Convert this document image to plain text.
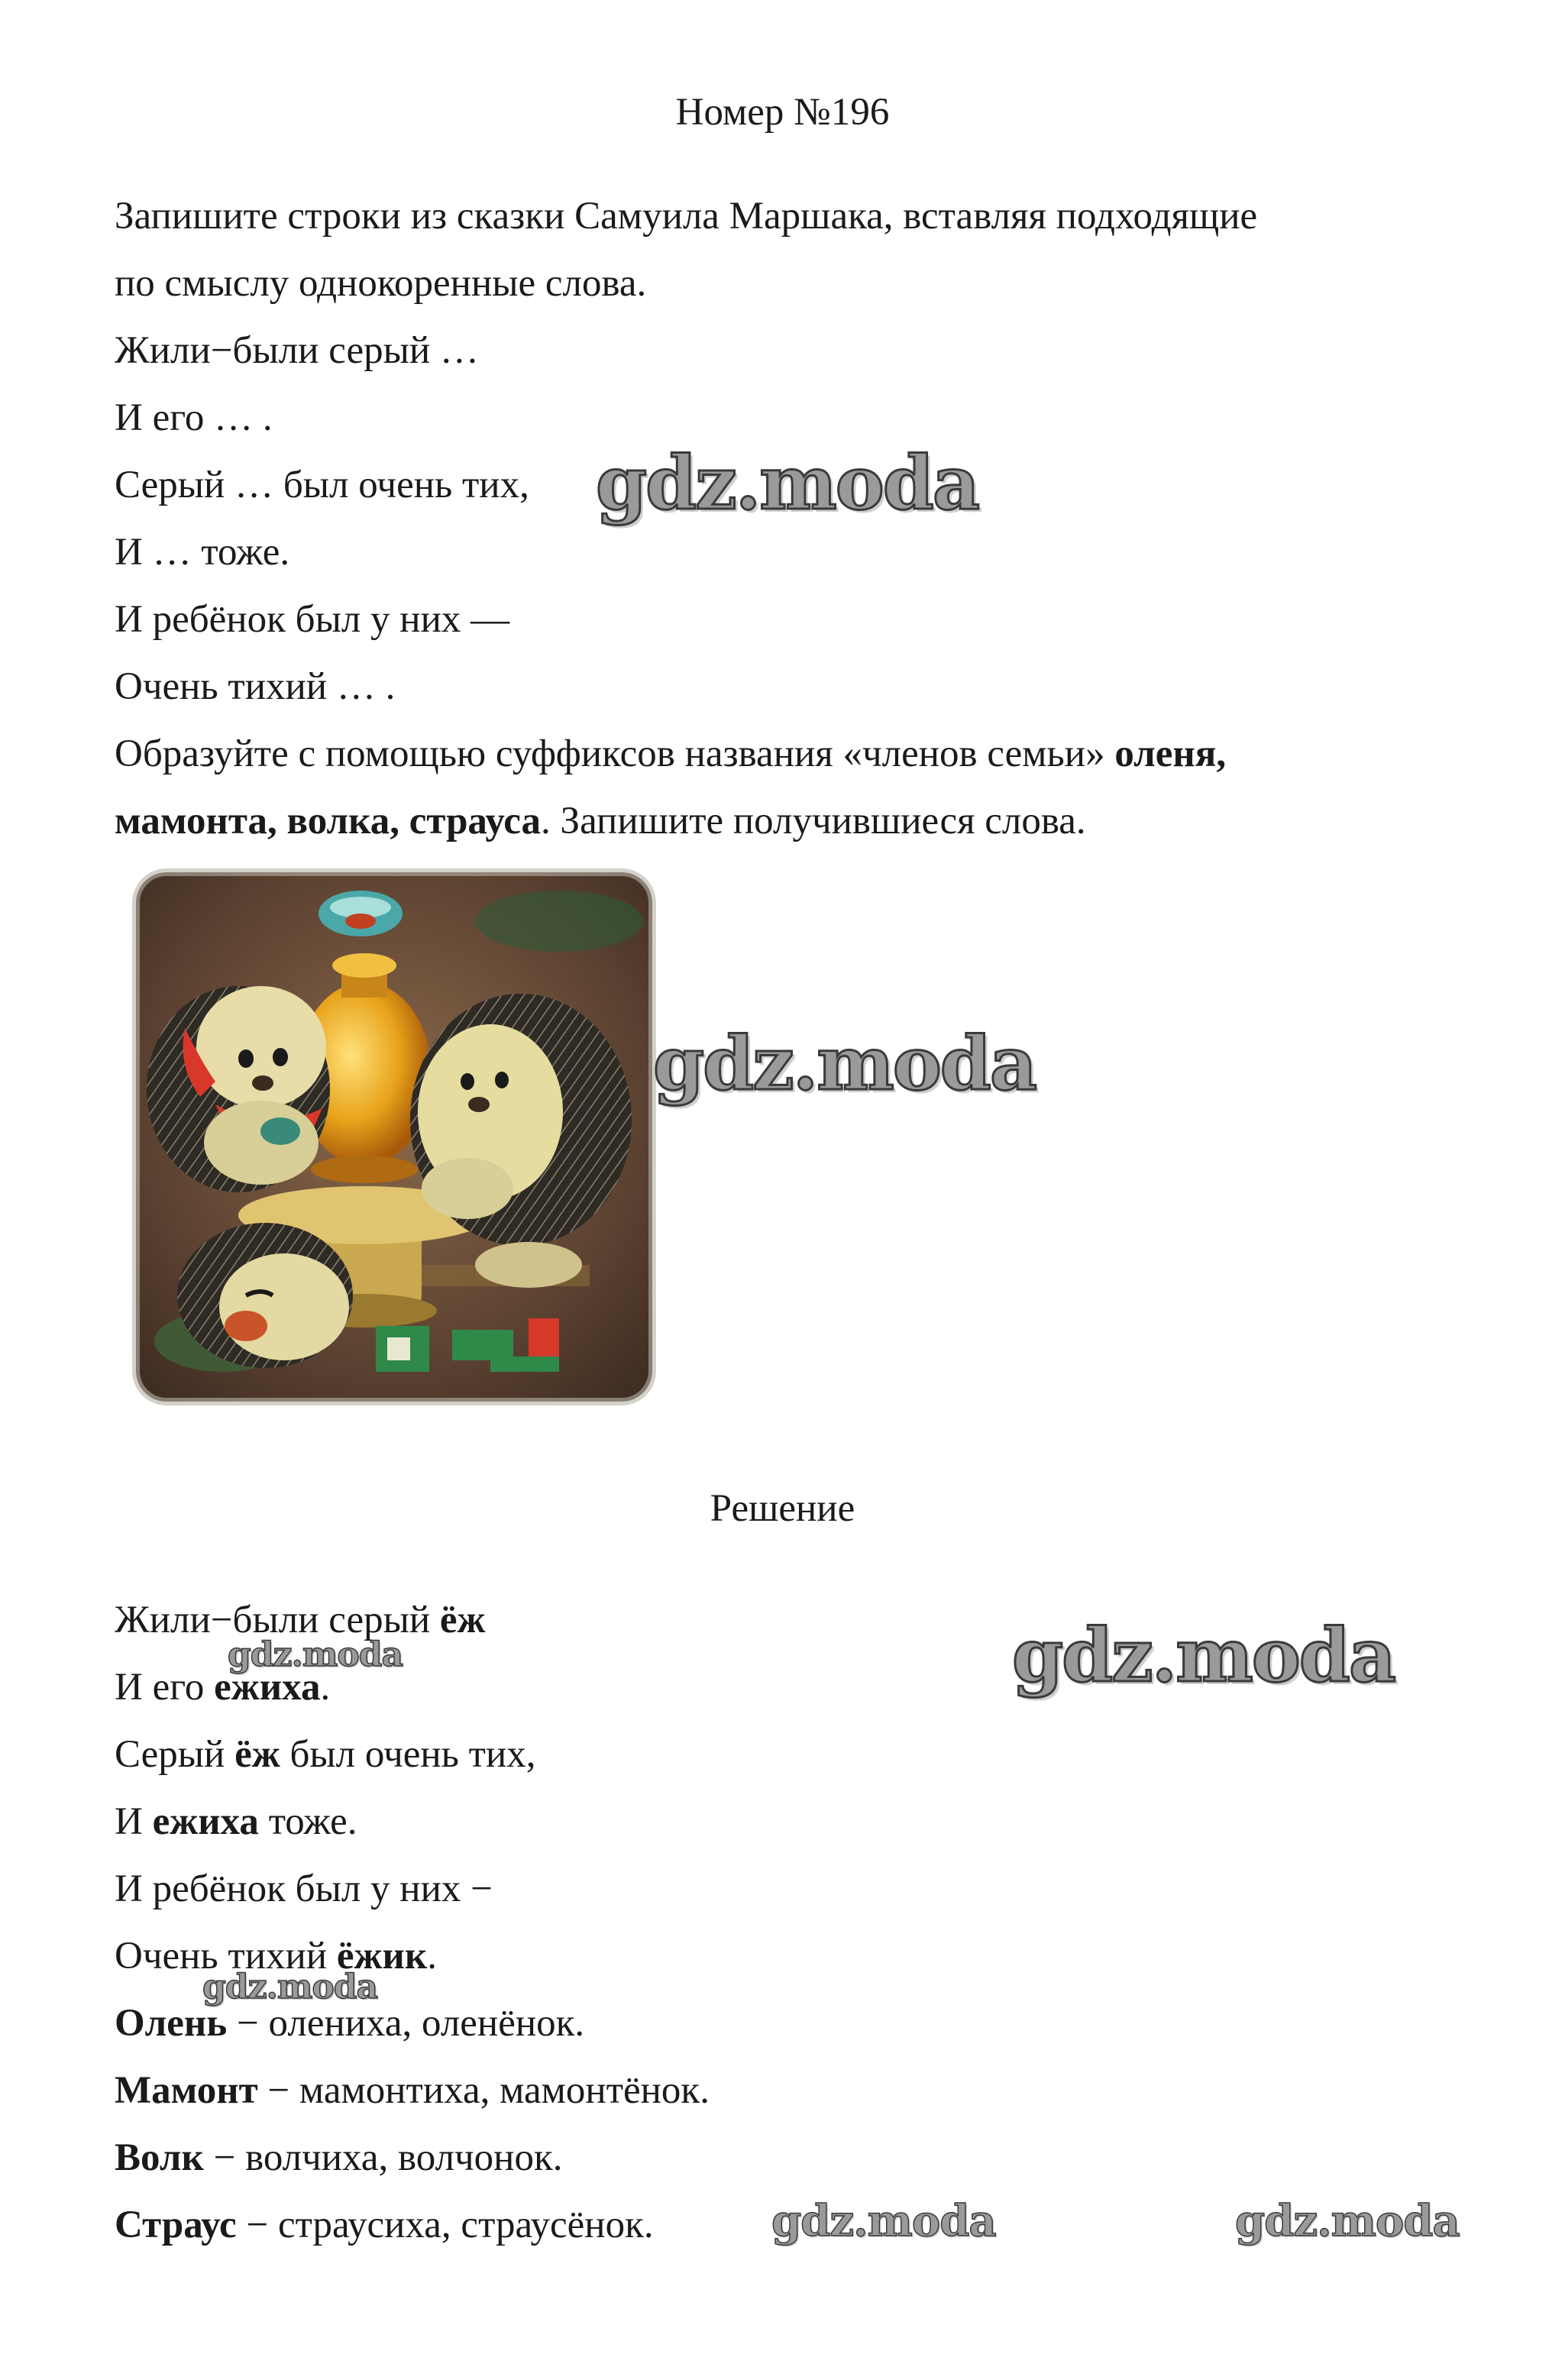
Номер №196
Запишите строки из сказки Самуила Маршака, вставляя подходящие
по смыслу однокоренные слова.
Жили−были серый …
И его … .
Серый … был очень тих,
И … тоже.
И ребёнок был у них —
Очень тихий … .
Образуйте с помощью суффиксов названия «членов семьи» оленя,
мамонта, волка, страуса. Запишите получившиеся слова.
Решение
Жили−были серый ёж
И его ежиха.
Серый ёж был очень тих,
И ежиха тоже.
И ребёнок был у них −
Очень тихий ёжик.
Олень − олениха, оленёнок.
Мамонт − мамонтиха, мамонтёнок.
Волк − волчиха, волчонок.
Страус − страусиха, страусёнок.
gdz.moda
gdz.moda
gdz.moda
gdz.moda
gdz.moda
gdz.moda	gdz.moda
